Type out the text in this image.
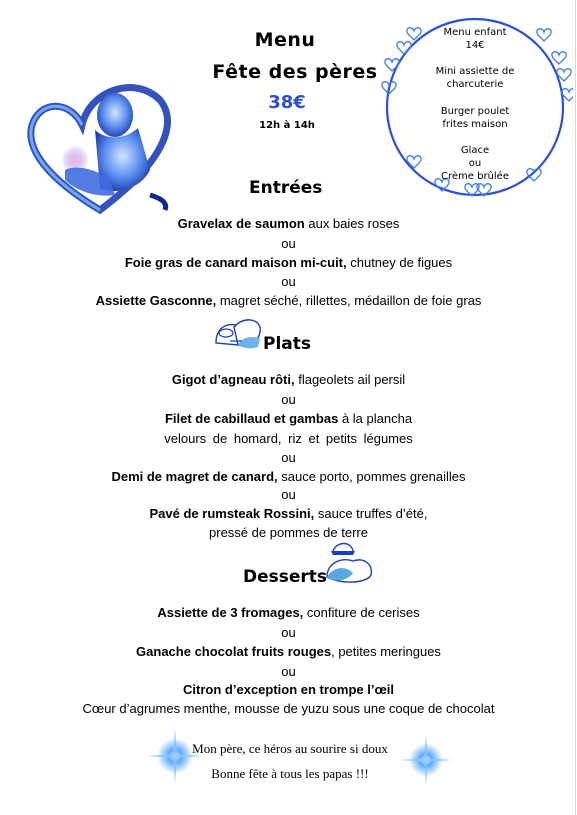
Menu
Fête des pères
38€
12h à 14h
Menu enfant
14€
Mini assiette de
charcuterie
Burger poulet
frites maison
Glace
ou
Crème brûlée
Entrées
Gravelax de saumon aux baies roses
ou
Foie gras de canard maison mi-cuit, chutney de figues
ou
Assiette Gasconne, magret séché, rillettes, médaillon de foie gras
Plats
Gigot d’agneau rôti, flageolets ail persil
ou
Filet de cabillaud et gambas à la plancha
velours de homard, riz et petits légumes
ou
Demi de magret de canard, sauce porto, pommes grenailles
ou
Pavé de rumsteak Rossini, sauce truffes d’été,
pressé de pommes de terre
Desserts
Assiette de 3 fromages, confiture de cerises
ou
Ganache chocolat fruits rouges, petites meringues
ou
Citron d’exception en trompe l’œil
Cœur d’agrumes menthe, mousse de yuzu sous une coque de chocolat
Mon père, ce héros au sourire si doux
Bonne fête à tous les papas !!!
